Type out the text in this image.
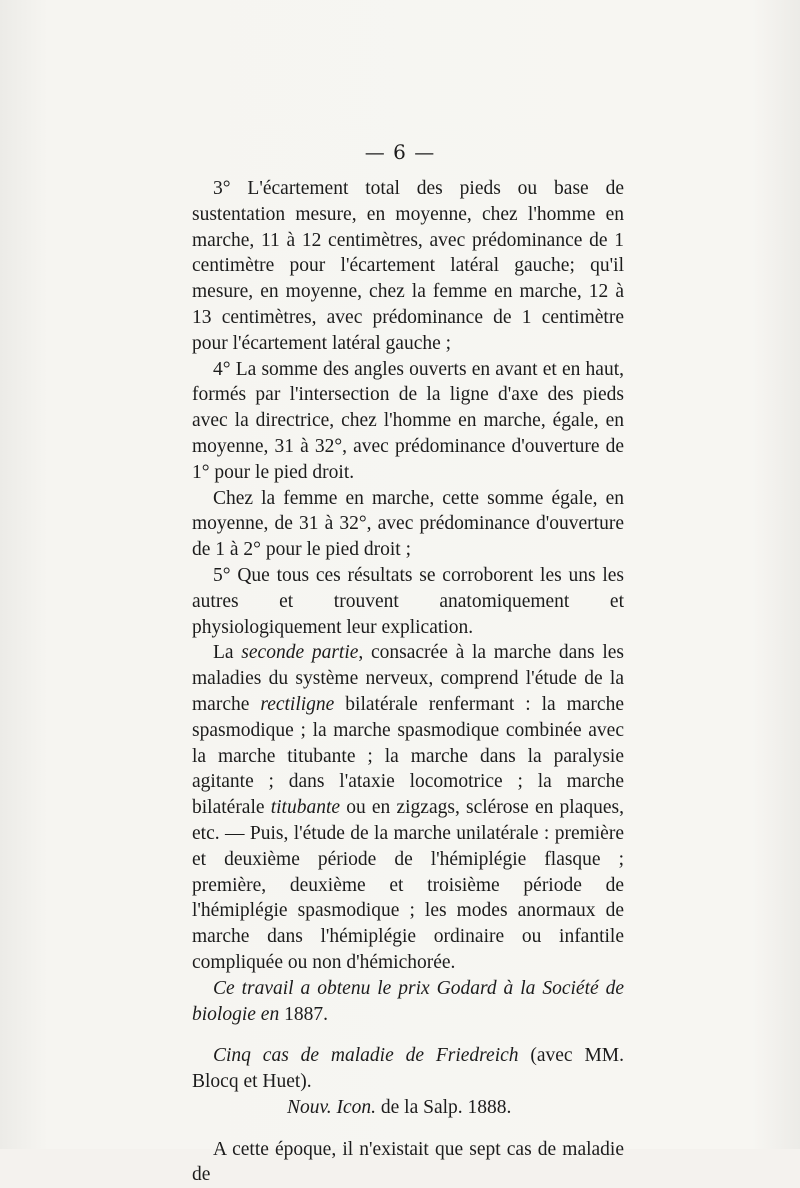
— 6 —

3° L'écartement total des pieds ou base de sustentation mesure, en moyenne, chez l'homme en marche, 11 à 12 centimètres, avec prédominance de 1 centimètre pour l'écartement latéral gauche; qu'il mesure, en moyenne, chez la femme en marche, 12 à 13 centimètres, avec prédominance de 1 centimètre pour l'écartement latéral gauche ;

4° La somme des angles ouverts en avant et en haut, formés par l'intersection de la ligne d'axe des pieds avec la directrice, chez l'homme en marche, égale, en moyenne, 31 à 32°, avec prédominance d'ouverture de 1° pour le pied droit.

Chez la femme en marche, cette somme égale, en moyenne, de 31 à 32°, avec prédominance d'ouverture de 1 à 2° pour le pied droit ;

5° Que tous ces résultats se corroborent les uns les autres et trouvent anatomiquement et physiologiquement leur explication.

La seconde partie, consacrée à la marche dans les maladies du système nerveux, comprend l'étude de la marche rectiligne bilatérale renfermant : la marche spasmodique ; la marche spasmodique combinée avec la marche titubante ; la marche dans la paralysie agitante ; dans l'ataxie locomotrice ; la marche bilatérale titubante ou en zigzags, sclérose en plaques, etc. — Puis, l'étude de la marche unilatérale : première et deuxième période de l'hémiplégie flasque ; première, deuxième et troisième période de l'hémiplégie spasmodique ; les modes anormaux de marche dans l'hémiplégie ordinaire ou infantile compliquée ou non d'hémichorée.

Ce travail a obtenu le prix Godard à la Société de biologie en 1887.

Cinq cas de maladie de Friedreich (avec MM. Blocq et Huet).
Nouv. Icon. de la Salp. 1888.

A cette époque, il n'existait que sept cas de maladie de
